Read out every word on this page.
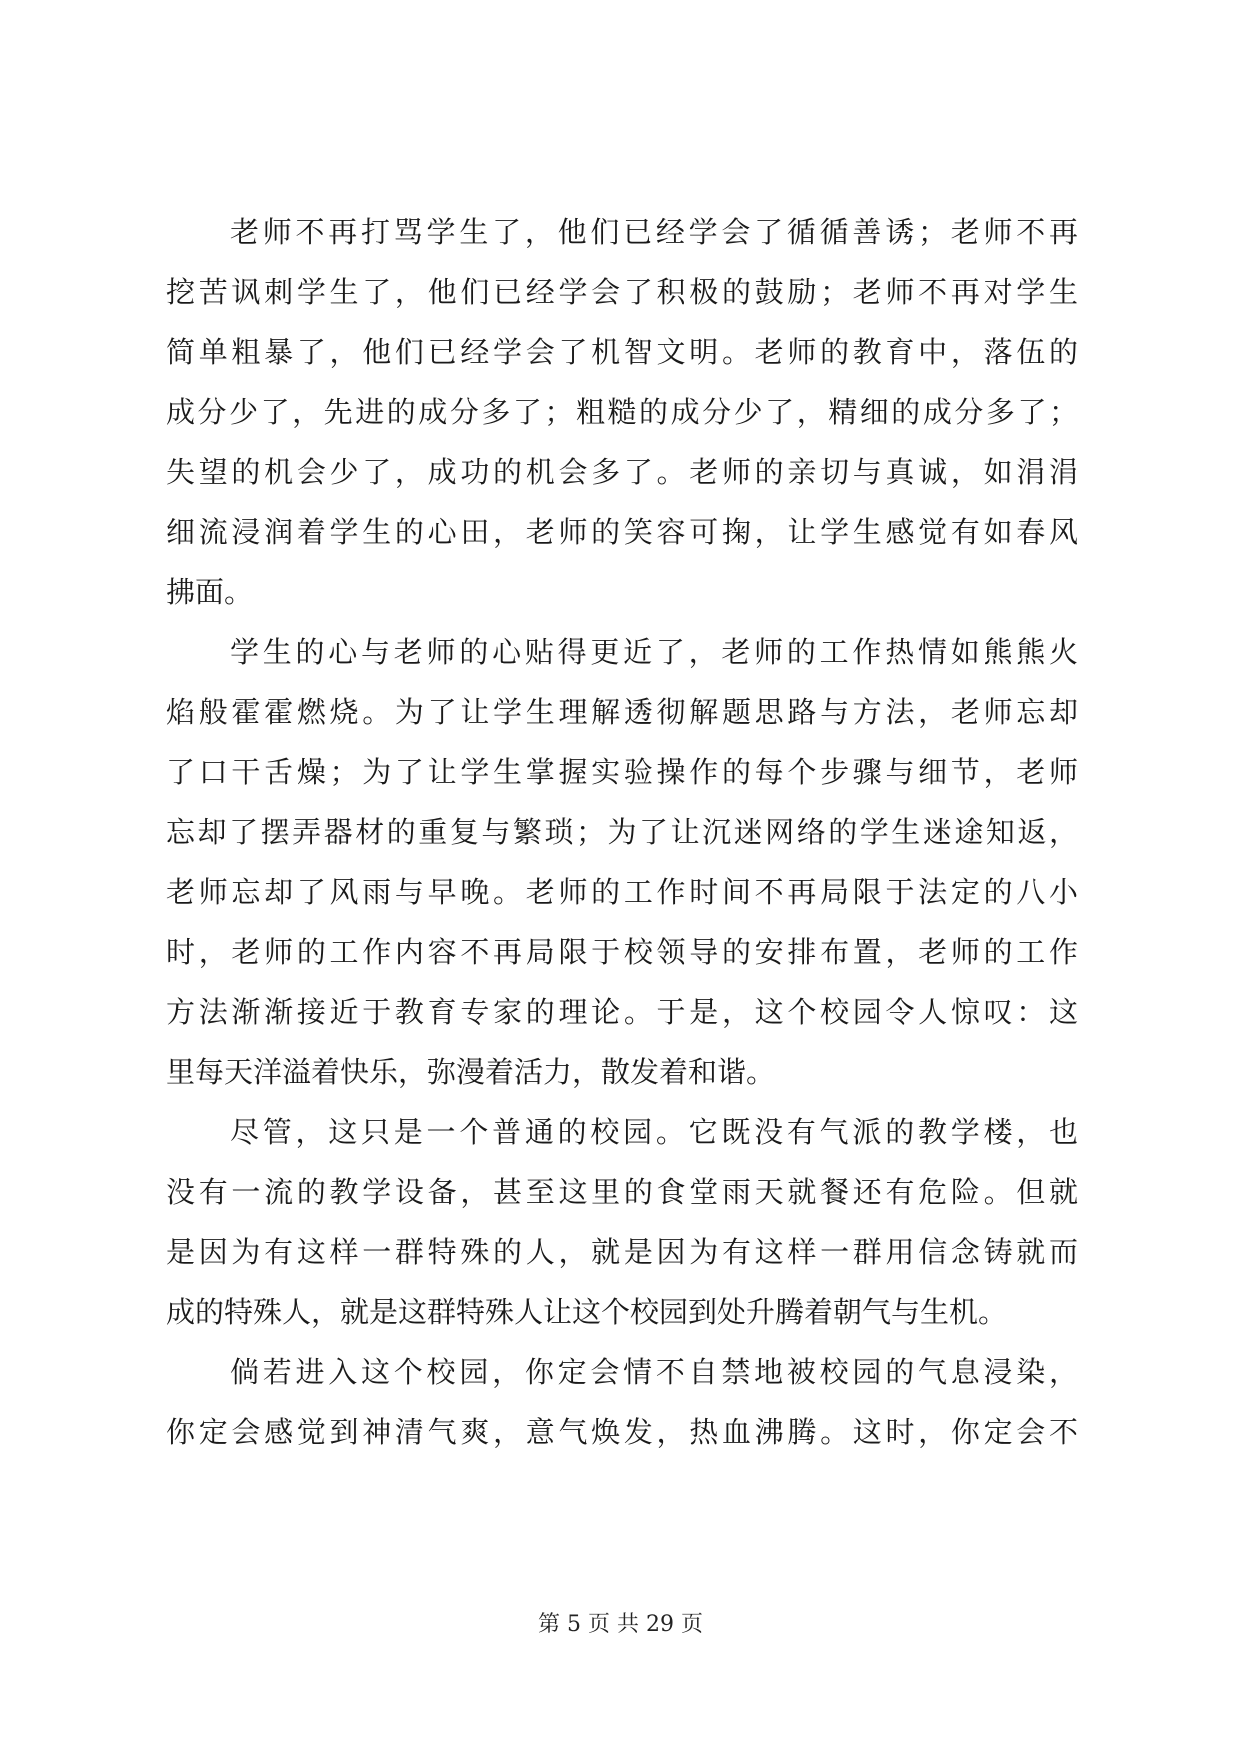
老师不再打骂学生了，他们已经学会了循循善诱；老师不再
挖苦讽刺学生了，他们已经学会了积极的鼓励；老师不再对学生
简单粗暴了，他们已经学会了机智文明。老师的教育中，落伍的
成分少了，先进的成分多了；粗糙的成分少了，精细的成分多了；
失望的机会少了，成功的机会多了。老师的亲切与真诚，如涓涓
细流浸润着学生的心田，老师的笑容可掬，让学生感觉有如春风
拂面。
学生的心与老师的心贴得更近了，老师的工作热情如熊熊火
焰般霍霍燃烧。为了让学生理解透彻解题思路与方法，老师忘却
了口干舌燥；为了让学生掌握实验操作的每个步骤与细节，老师
忘却了摆弄器材的重复与繁琐；为了让沉迷网络的学生迷途知返，
老师忘却了风雨与早晚。老师的工作时间不再局限于法定的八小
时，老师的工作内容不再局限于校领导的安排布置，老师的工作
方法渐渐接近于教育专家的理论。于是，这个校园令人惊叹：这
里每天洋溢着快乐，弥漫着活力，散发着和谐。
尽管，这只是一个普通的校园。它既没有气派的教学楼，也
没有一流的教学设备，甚至这里的食堂雨天就餐还有危险。但就
是因为有这样一群特殊的人，就是因为有这样一群用信念铸就而
成的特殊人，就是这群特殊人让这个校园到处升腾着朝气与生机。
倘若进入这个校园，你定会情不自禁地被校园的气息浸染，
你定会感觉到神清气爽，意气焕发，热血沸腾。这时，你定会不
第 5 页 共 29 页
